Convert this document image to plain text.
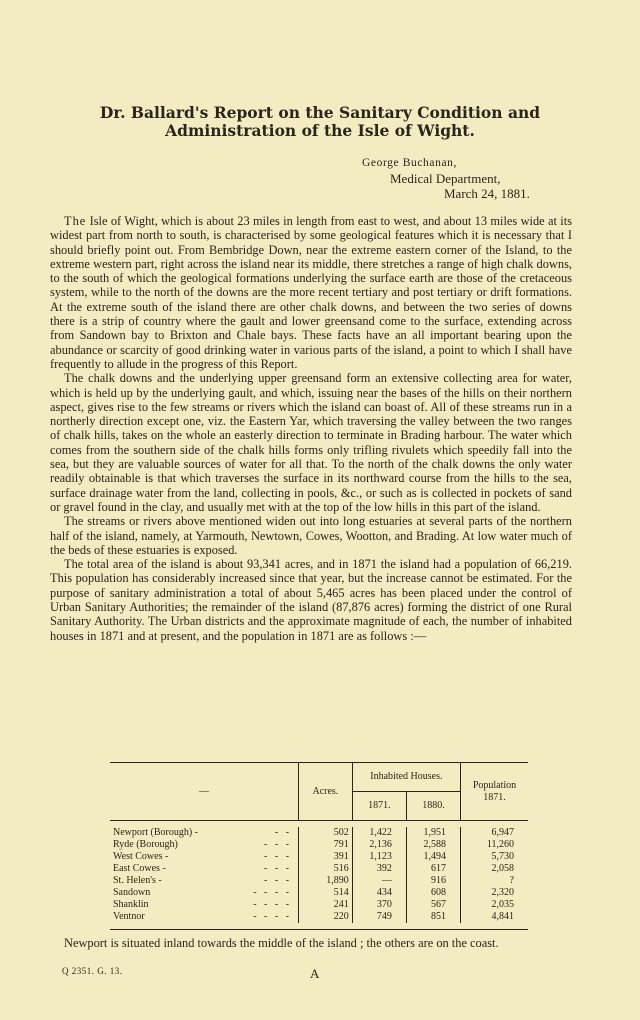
Dr. Ballard's Report on the Sanitary Condition and
Administration of the Isle of Wight.
George Buchanan,
Medical Department,
March 24, 1881.

The Isle of Wight, which is about 23 miles in length from east to west, and about 13 miles wide at its widest part from north to south, is characterised by some geological features which it is necessary that I should briefly point out. From Bembridge Down, near the extreme eastern corner of the Island, to the extreme western part, right across the island near its middle, there stretches a range of high chalk downs, to the south of which the geological formations underlying the surface earth are those of the cretaceous system, while to the north of the downs are the more recent tertiary and post tertiary or drift formations. At the extreme south of the island there are other chalk downs, and between the two series of downs there is a strip of country where the gault and lower greensand come to the surface, extending across from Sandown bay to Brixton and Chale bays. These facts have an all important bearing upon the abundance or scarcity of good drinking water in various parts of the island, a point to which I shall have frequently to allude in the progress of this Report.

The chalk downs and the underlying upper greensand form an extensive collecting area for water, which is held up by the underlying gault, and which, issuing near the bases of the hills on their northern aspect, gives rise to the few streams or rivers which the island can boast of. All of these streams run in a northerly direction except one, viz. the Eastern Yar, which traversing the valley between the two ranges of chalk hills, takes on the whole an easterly direction to terminate in Brading harbour. The water which comes from the southern side of the chalk hills forms only trifling rivulets which speedily fall into the sea, but they are valuable sources of water for all that. To the north of the chalk downs the only water readily obtainable is that which traverses the surface in its northward course from the hills to the sea, surface drainage water from the land, collecting in pools, &c., or such as is collected in pockets of sand or gravel found in the clay, and usually met with at the top of the low hills in this part of the island.

The streams or rivers above mentioned widen out into long estuaries at several parts of the northern half of the island, namely, at Yarmouth, Newtown, Cowes, Wootton, and Brading. At low water much of the beds of these estuaries is exposed.

The total area of the island is about 93,341 acres, and in 1871 the island had a population of 66,219. This population has considerably increased since that year, but the increase cannot be estimated. For the purpose of sanitary administration a total of about 5,465 acres has been placed under the control of Urban Sanitary Authorities; the remainder of the island (87,876 acres) forming the district of one Rural Sanitary Authority. The Urban districts and the approximate magnitude of each, the number of inhabited houses in 1871 and at present, and the population in 1871 are as follows :—

—	Acres.	Inhabited Houses.		Population 1871.
		1871.	1880.	

Newport (Borough) - -   -	502	1,422	1,951	6,947
Ryde (Borough) -   -   -	791	2,136	2,588	11,260
West Cowes - -   -   -	391	1,123	1,494	5,730
East Cowes - -   -   -	516	392	617	2,058
St. Helen's - -   -   -	1,890	—	916	?
Sandown -   -   -   -	514	434	608	2,320
Shanklin -   -   -   -	241	370	567	2,035
Ventnor -   -   -   -	220	749	851	4,841

Newport is situated inland towards the middle of the island ; the others are on the coast.
Q 2351. G. 13.	A
